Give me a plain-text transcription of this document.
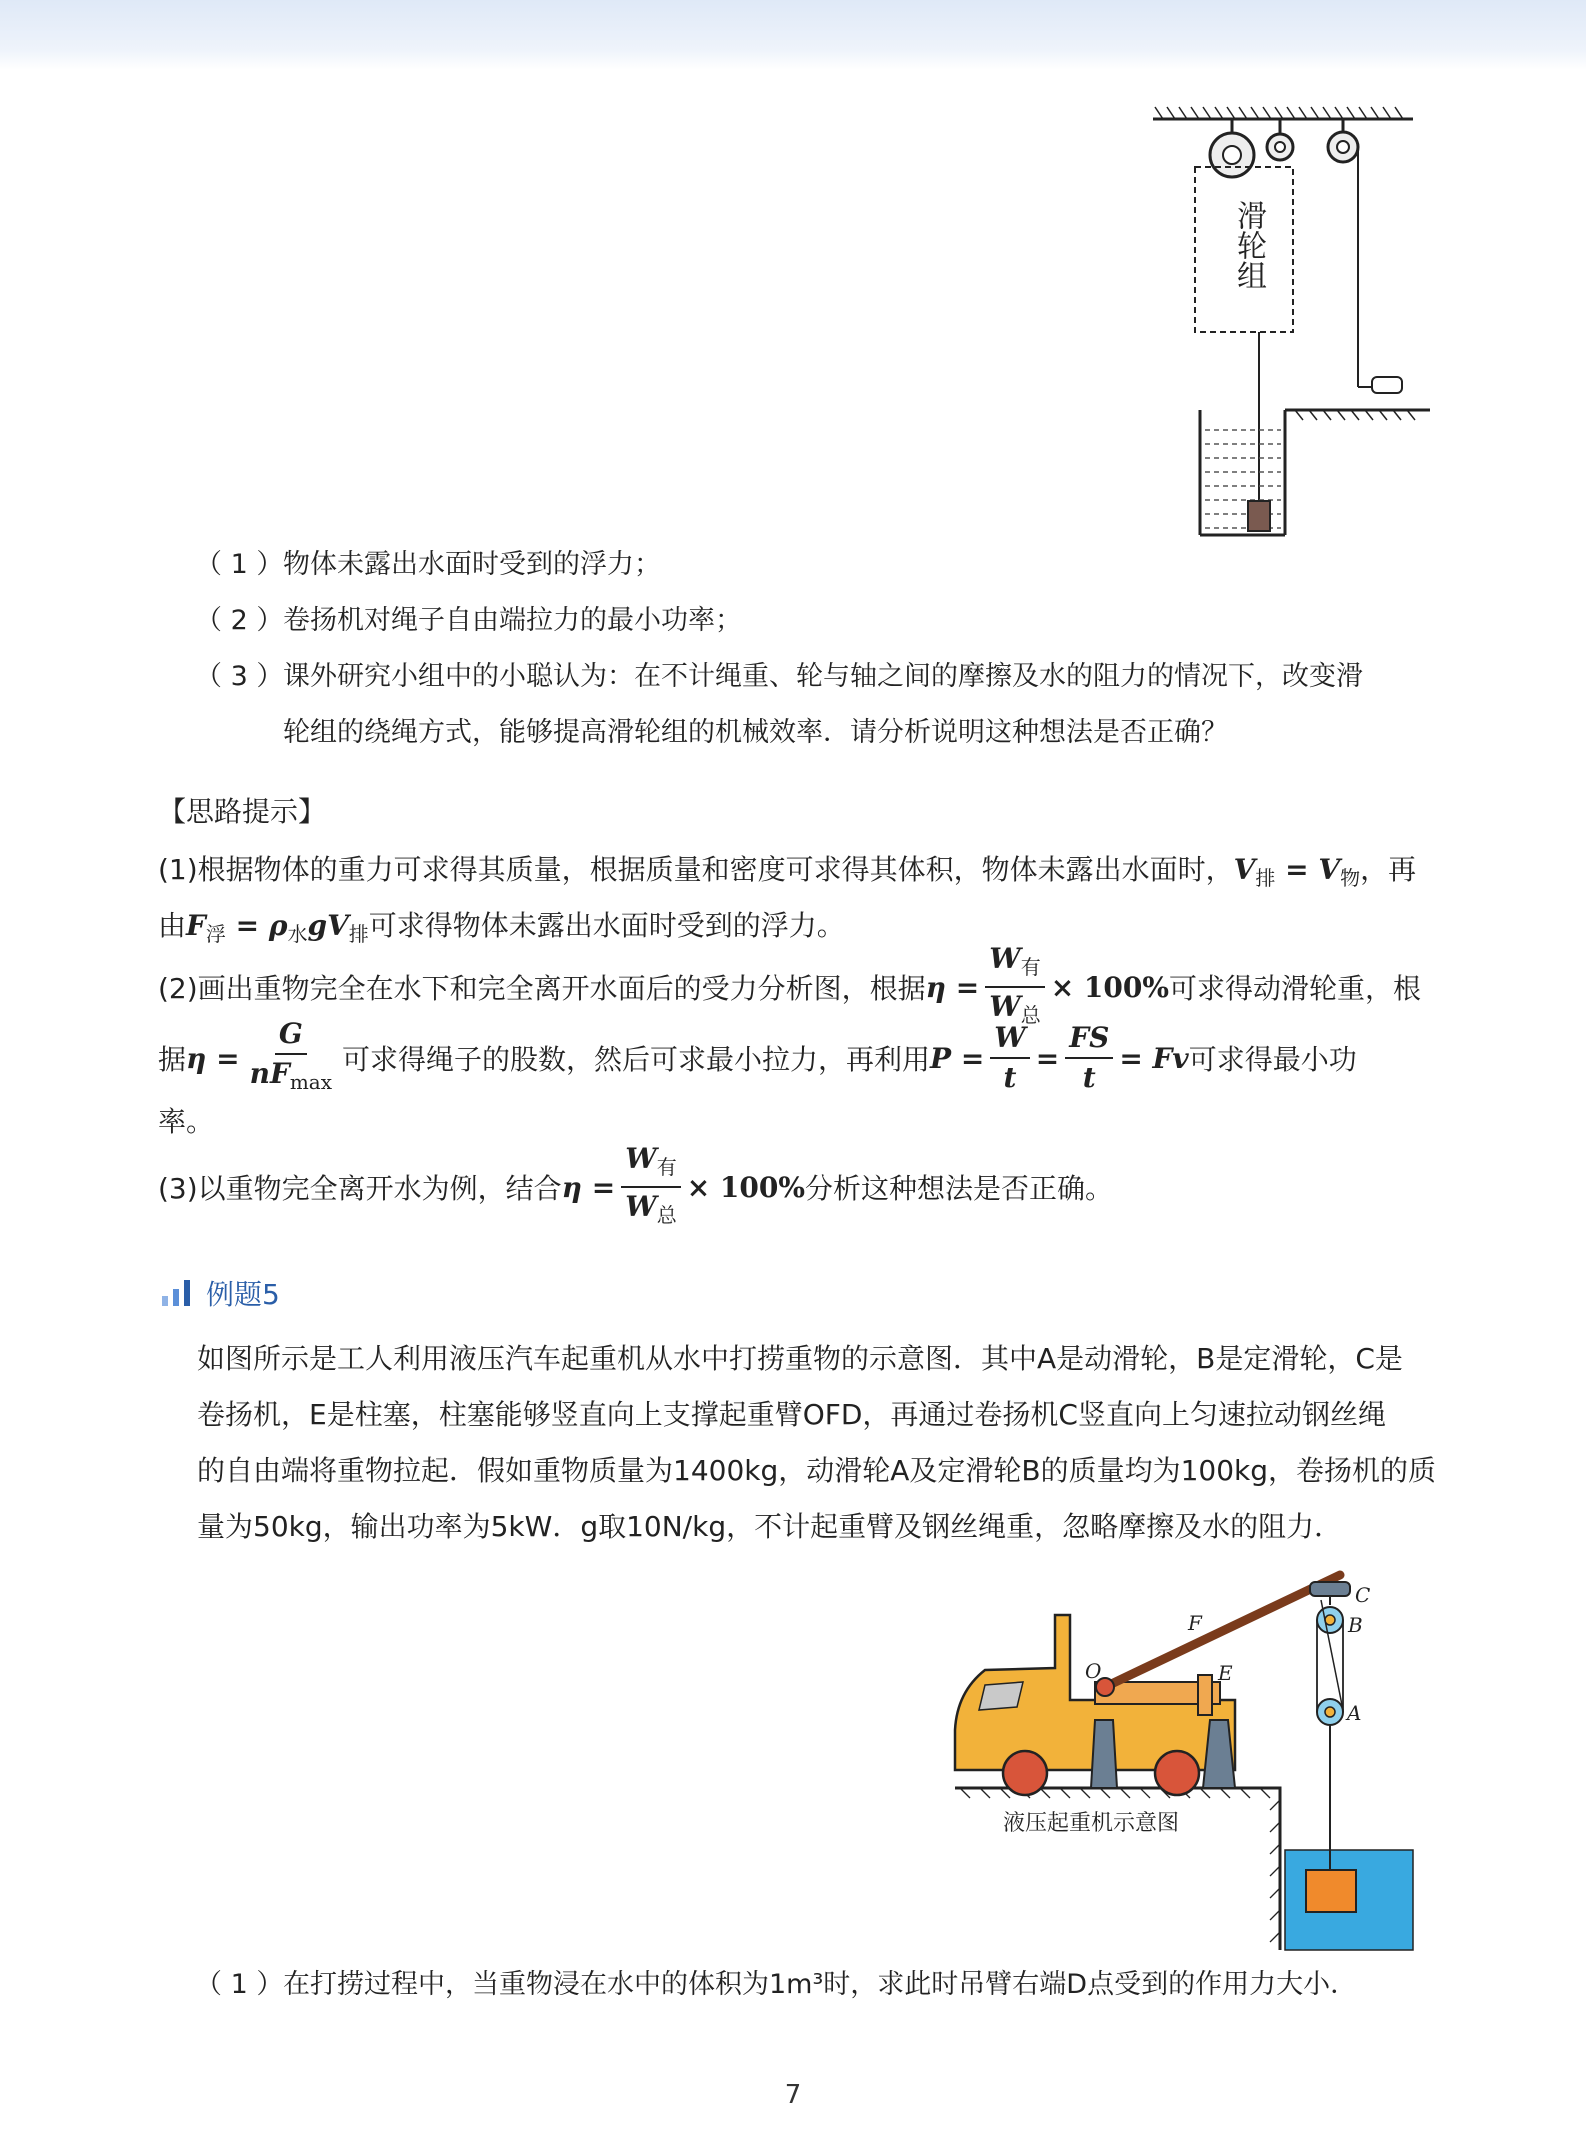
滑轮组
（ 1 ）物体未露出水面时受到的浮力；
（ 2 ）卷扬机对绳子自由端拉力的最小功率；
（ 3 ）课外研究小组中的小聪认为：在不计绳重、轮与轴之间的摩擦及水的阻力的情况下，改变滑
轮组的绕绳方式，能够提高滑轮组的机械效率．请分析说明这种想法是否正确？
【思路提示】
(1)根据物体的重力可求得其质量，根据质量和密度可求得其体积，物体未露出水面时，$V_排 = V_物$，再
由$F_浮 = \rho_水gV_排$可求得物体未露出水面时受到的浮力。
(2)画出重物完全在水下和完全离开水面后的受力分析图，根据 $\eta = \frac{W_有}{W_总} \times 100\%$ 可求得动滑轮重，根
据 $\eta = \frac{G}{nF_{max}}$ 可求得绳子的股数，然后可求最小拉力，再利用 $P = \frac{W}{t} = \frac{FS}{t} = Fv$ 可求得最小功
率。
(3)以重物完全离开水为例，结合 $\eta = \frac{W_有}{W_总} \times 100\%$ 分析这种想法是否正确。
例题5
如图所示是工人利用液压汽车起重机从水中打捞重物的示意图．其中A是动滑轮，B是定滑轮，C是
卷扬机，E是柱塞，柱塞能够竖直向上支撑起重臂OFD，再通过卷扬机C竖直向上匀速拉动钢丝绳
的自由端将重物拉起．假如重物质量为1400kg，动滑轮A及定滑轮B的质量均为100kg，卷扬机的质
量为50kg，输出功率为5kW．g取10N/kg，不计起重臂及钢丝绳重，忽略摩擦及水的阻力．
C
B
F
O	E
A
液压起重机示意图
（ 1 ）在打捞过程中，当重物浸在水中的体积为1m³时，求此时吊臂右端D点受到的作用力大小．
7
